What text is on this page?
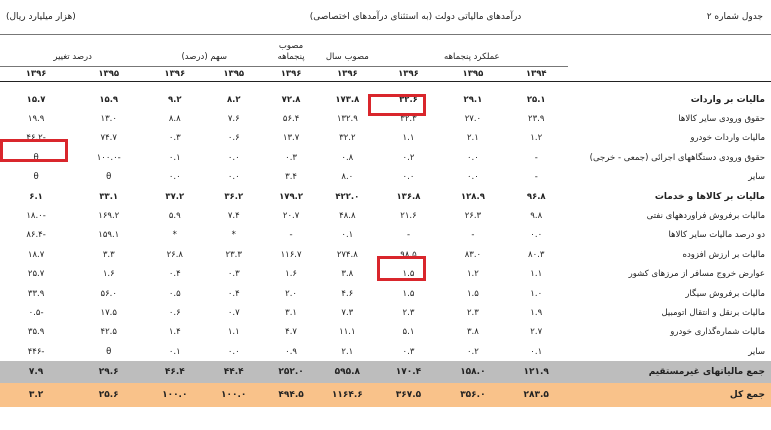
جدول شماره ۲	درآمدهای مالیاتی دولت (به استثنای درآمدهای اختصاصی)							(هزار میلیارد ریال)	
	عملکرد پنجماهه			مصوب سال	مصوب پنجماهه	سهم (درصد)		درصد تغییر	
	۱۳۹۴	۱۳۹۵	۱۳۹۶	۱۳۹۶	۱۳۹۶	۱۳۹۵	۱۳۹۶	۱۳۹۵	۱۳۹۶

مالیات بر واردات	۲۵.۱	۲۹.۱	۳۲.۶	۱۷۳.۸	۷۲.۸	۸.۲	۹.۲	۱۵.۹	۱۵.۷
حقوق ورودی سایر کالاها	۲۳.۹	۲۷.۰	۳۲.۳	۱۳۲.۹	۵۶.۴	۷.۶	۸.۸	۱۳.۰	۱۹.۹
مالیات واردات خودرو	۱.۲	۲.۱	۱.۱	۳۲.۲	۱۳.۷	۰.۶	۰.۳	۷۴.۷	-۴۶.۲
حقوق ورودی دستگاههای اجرائی (جمعی - خرجی)	-	۰.۰	۰.۲	۰.۸	۰.۳	۰.۰	۰.۱	-۱۰۰.۰	θ
سایر	-	۰.۰	۰.۰	۸.۰	۳.۴	۰.۰	۰.۰	θ	θ
مالیات بر کالاها و خدمات	۹۶.۸	۱۲۸.۹	۱۳۶.۸	۴۲۲.۰	۱۷۹.۲	۳۶.۲	۳۷.۲	۳۳.۱	۶.۱
مالیات برفروش فراوردههای نفتی	۹.۸	۲۶.۳	۲۱.۶	۴۸.۸	۲۰.۷	۷.۴	۵.۹	۱۶۹.۲	-۱۸.۰
دو درصد مالیات سایر کالاها	۰.۰	-	-	۰.۱	-	*	*	۱۵۹.۱	-۸۶.۴
مالیات بر ارزش افزوده	۸۰.۳	۸۳.۰	۹۸.۵	۲۷۴.۸	۱۱۶.۷	۲۳.۳	۲۶.۸	۳.۳	۱۸.۷
عوارض خروج مسافر از مرزهای کشور	۱.۱	۱.۲	۱.۵	۳.۸	۱.۶	۰.۳	۰.۴	۱.۶	۲۵.۷
مالیات برفروش سیگار	۱.۰	۱.۵	۱.۵	۴.۶	۲.۰	۰.۴	۰.۵	۵۶.۰	۳۳.۹
مالیات برنقل و انتقال اتومبیل	۱.۹	۲.۳	۲.۳	۷.۳	۳.۱	۰.۷	۰.۶	۱۷.۵	-۰.۵
مالیات شماره‌گذاری خودرو	۲.۷	۳.۸	۵.۱	۱۱.۱	۴.۷	۱.۱	۱.۴	۴۲.۵	۳۵.۹
سایر	۰.۱	۰.۲	۰.۳	۲.۱	۰.۹	۰.۰	۰.۱	θ	-۴۴۶
جمع مالیاتهای غیرمستقیم	۱۲۱.۹	۱۵۸.۰	۱۷۰.۴	۵۹۵.۸	۲۵۲.۰	۴۴.۴	۴۶.۴	۲۹.۶	۷.۹
جمع کل	۲۸۳.۵	۳۵۶.۰	۳۶۷.۵	۱۱۶۴.۶	۴۹۴.۵	۱۰۰.۰	۱۰۰.۰	۲۵.۶	۳.۲
